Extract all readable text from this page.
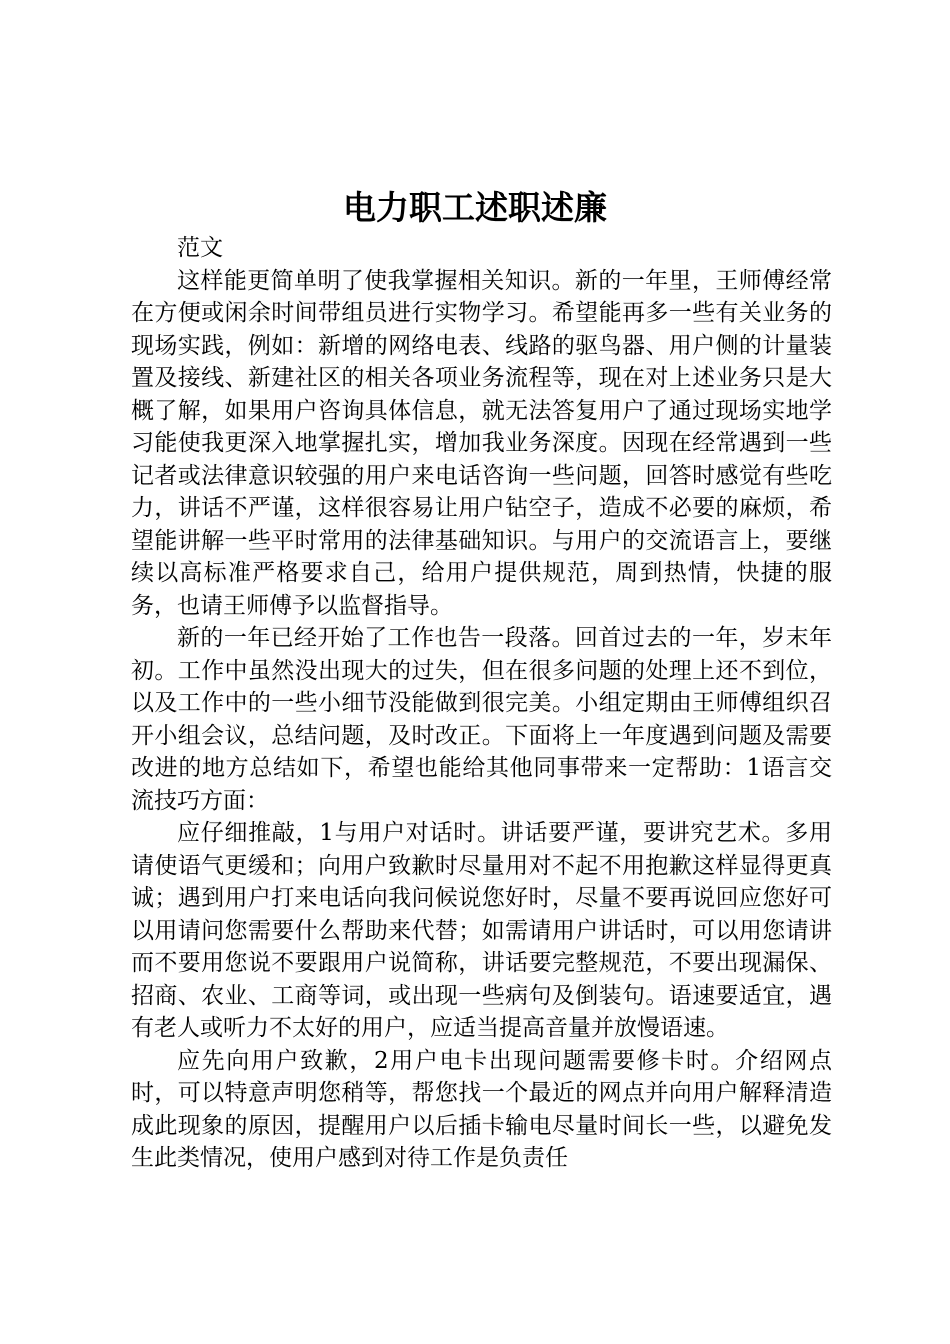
电力职工述职述廉

范文

这样能更简单明了使我掌握相关知识。新的一年里，王师傅经常在方便或闲余时间带组员进行实物学习。希望能再多一些有关业务的现场实践，例如：新增的网络电表、线路的驱鸟器、用户侧的计量装置及接线、新建社区的相关各项业务流程等，现在对上述业务只是大概了解，如果用户咨询具体信息，就无法答复用户了通过现场实地学习能使我更深入地掌握扎实，增加我业务深度。因现在经常遇到一些记者或法律意识较强的用户来电话咨询一些问题，回答时感觉有些吃力，讲话不严谨，这样很容易让用户钻空子，造成不必要的麻烦，希望能讲解一些平时常用的法律基础知识。与用户的交流语言上，要继续以高标准严格要求自己，给用户提供规范，周到热情，快捷的服务，也请王师傅予以监督指导。

新的一年已经开始了工作也告一段落。回首过去的一年，岁末年初。工作中虽然没出现大的过失，但在很多问题的处理上还不到位，以及工作中的一些小细节没能做到很完美。小组定期由王师傅组织召开小组会议，总结问题，及时改正。下面将上一年度遇到问题及需要改进的地方总结如下，希望也能给其他同事带来一定帮助：1语言交流技巧方面：

应仔细推敲，1与用户对话时。讲话要严谨，要讲究艺术。多用请使语气更缓和；向用户致歉时尽量用对不起不用抱歉这样显得更真诚；遇到用户打来电话向我问候说您好时，尽量不要再说回应您好可以用请问您需要什么帮助来代替；如需请用户讲话时，可以用您请讲而不要用您说不要跟用户说简称，讲话要完整规范，不要出现漏保、招商、农业、工商等词，或出现一些病句及倒装句。语速要适宜，遇有老人或听力不太好的用户，应适当提高音量并放慢语速。

应先向用户致歉，2用户电卡出现问题需要修卡时。介绍网点时，可以特意声明您稍等，帮您找一个最近的网点并向用户解释清造成此现象的原因，提醒用户以后插卡输电尽量时间长一些，以避免发生此类情况，使用户感到对待工作是负责任
